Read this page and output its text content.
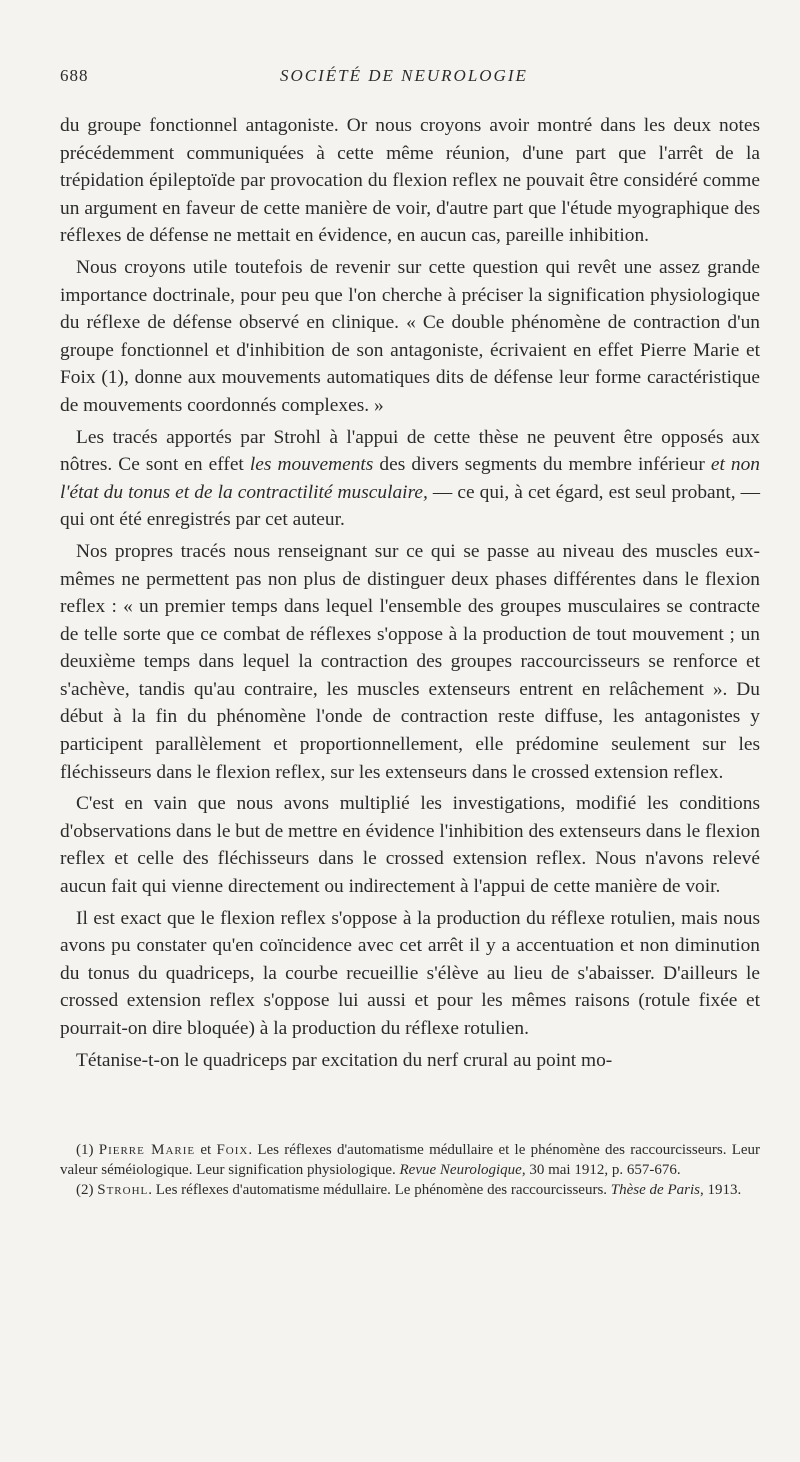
688	SOCIÉTÉ DE NEUROLOGIE

du groupe fonctionnel antagoniste. Or nous croyons avoir montré dans les deux notes précédemment communiquées à cette même réunion, d'une part que l'arrêt de la trépidation épileptoïde par provocation du flexion reflex ne pouvait être considéré comme un argument en faveur de cette manière de voir, d'autre part que l'étude myographique des réflexes de défense ne mettait en évidence, en aucun cas, pareille inhibition.

Nous croyons utile toutefois de revenir sur cette question qui revêt une assez grande importance doctrinale, pour peu que l'on cherche à préciser la signification physiologique du réflexe de défense observé en clinique. « Ce double phénomène de contraction d'un groupe fonctionnel et d'inhibition de son antagoniste, écrivaient en effet Pierre Marie et Foix (1), donne aux mouvements automatiques dits de défense leur forme caractéristique de mouvements coordonnés complexes. »

Les tracés apportés par Strohl à l'appui de cette thèse ne peuvent être opposés aux nôtres. Ce sont en effet les mouvements des divers segments du membre inférieur et non l'état du tonus et de la contractilité musculaire, — ce qui, à cet égard, est seul probant, — qui ont été enregistrés par cet auteur.

Nos propres tracés nous renseignant sur ce qui se passe au niveau des muscles eux-mêmes ne permettent pas non plus de distinguer deux phases différentes dans le flexion reflex : « un premier temps dans lequel l'ensemble des groupes musculaires se contracte de telle sorte que ce combat de réflexes s'oppose à la production de tout mouvement ; un deuxième temps dans lequel la contraction des groupes raccourcisseurs se renforce et s'achève, tandis qu'au contraire, les muscles extenseurs entrent en relâchement ». Du début à la fin du phénomène l'onde de contraction reste diffuse, les antagonistes y participent parallèlement et proportionnellement, elle prédomine seulement sur les fléchisseurs dans le flexion reflex, sur les extenseurs dans le crossed extension reflex.

C'est en vain que nous avons multiplié les investigations, modifié les conditions d'observations dans le but de mettre en évidence l'inhibition des extenseurs dans le flexion reflex et celle des fléchisseurs dans le crossed extension reflex. Nous n'avons relevé aucun fait qui vienne directement ou indirectement à l'appui de cette manière de voir.

Il est exact que le flexion reflex s'oppose à la production du réflexe rotulien, mais nous avons pu constater qu'en coïncidence avec cet arrêt il y a accentuation et non diminution du tonus du quadriceps, la courbe recueillie s'élève au lieu de s'abaisser. D'ailleurs le crossed extension reflex s'oppose lui aussi et pour les mêmes raisons (rotule fixée et pourrait-on dire bloquée) à la production du réflexe rotulien.

Tétanise-t-on le quadriceps par excitation du nerf crural au point mo-

(1) Pierre Marie et Foix. Les réflexes d'automatisme médullaire et le phénomène des raccourcisseurs. Leur valeur séméiologique. Leur signification physiologique. Revue Neurologique, 30 mai 1912, p. 657-676.

(2) Strohl. Les réflexes d'automatisme médullaire. Le phénomène des raccourcisseurs. Thèse de Paris, 1913.
